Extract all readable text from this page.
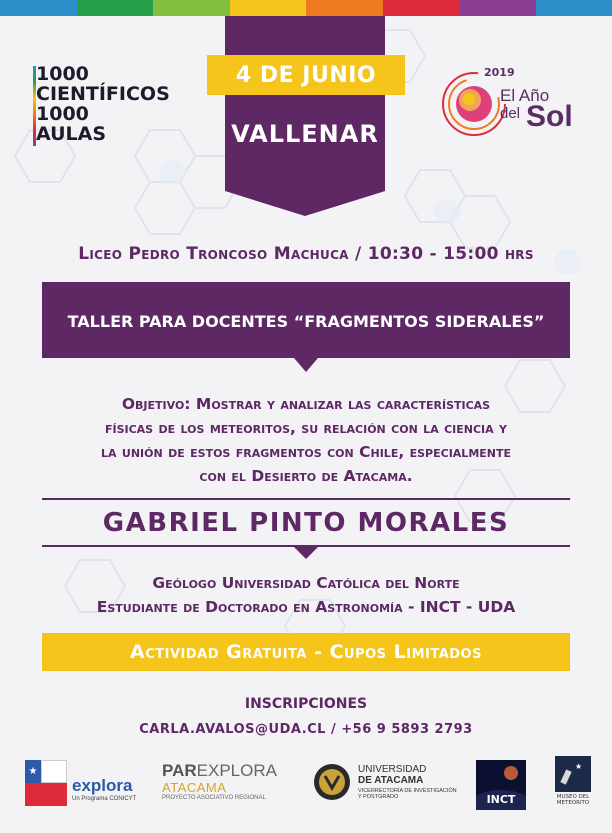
1000
CIENTÍFICOS
1000
AULAS
4 DE JUNIO
VALLENAR
2019
El Año
del Sol
Liceo Pedro Troncoso Machuca / 10:30 - 15:00 hrs
TALLER PARA DOCENTES “FRAGMENTOS SIDERALES”
Objetivo: Mostrar y analizar las características
físicas de los meteoritos, su relación con la ciencia y
la unión de estos fragmentos con Chile, especialmente
con el Desierto de Atacama.
GABRIEL PINTO MORALES
Geólogo Universidad Católica del Norte
Estudiante de Doctorado en Astronomía - INCT - UDA
Actividad Gratuita - Cupos Limitados
INSCRIPCIONES
CARLA.AVALOS@UDA.CL / +56 9 5893 2793
★
explora
Un Programa CONICYT
PAREXPLORA
ATACAMA
PROYECTO ASOCIATIVO REGIONAL
UNIVERSIDAD
DE ATACAMA
VICERRECTORÍA DE INVESTIGACIÓN
Y POSTGRADO	INCT
★
MUSEO DEL
METEORITO
